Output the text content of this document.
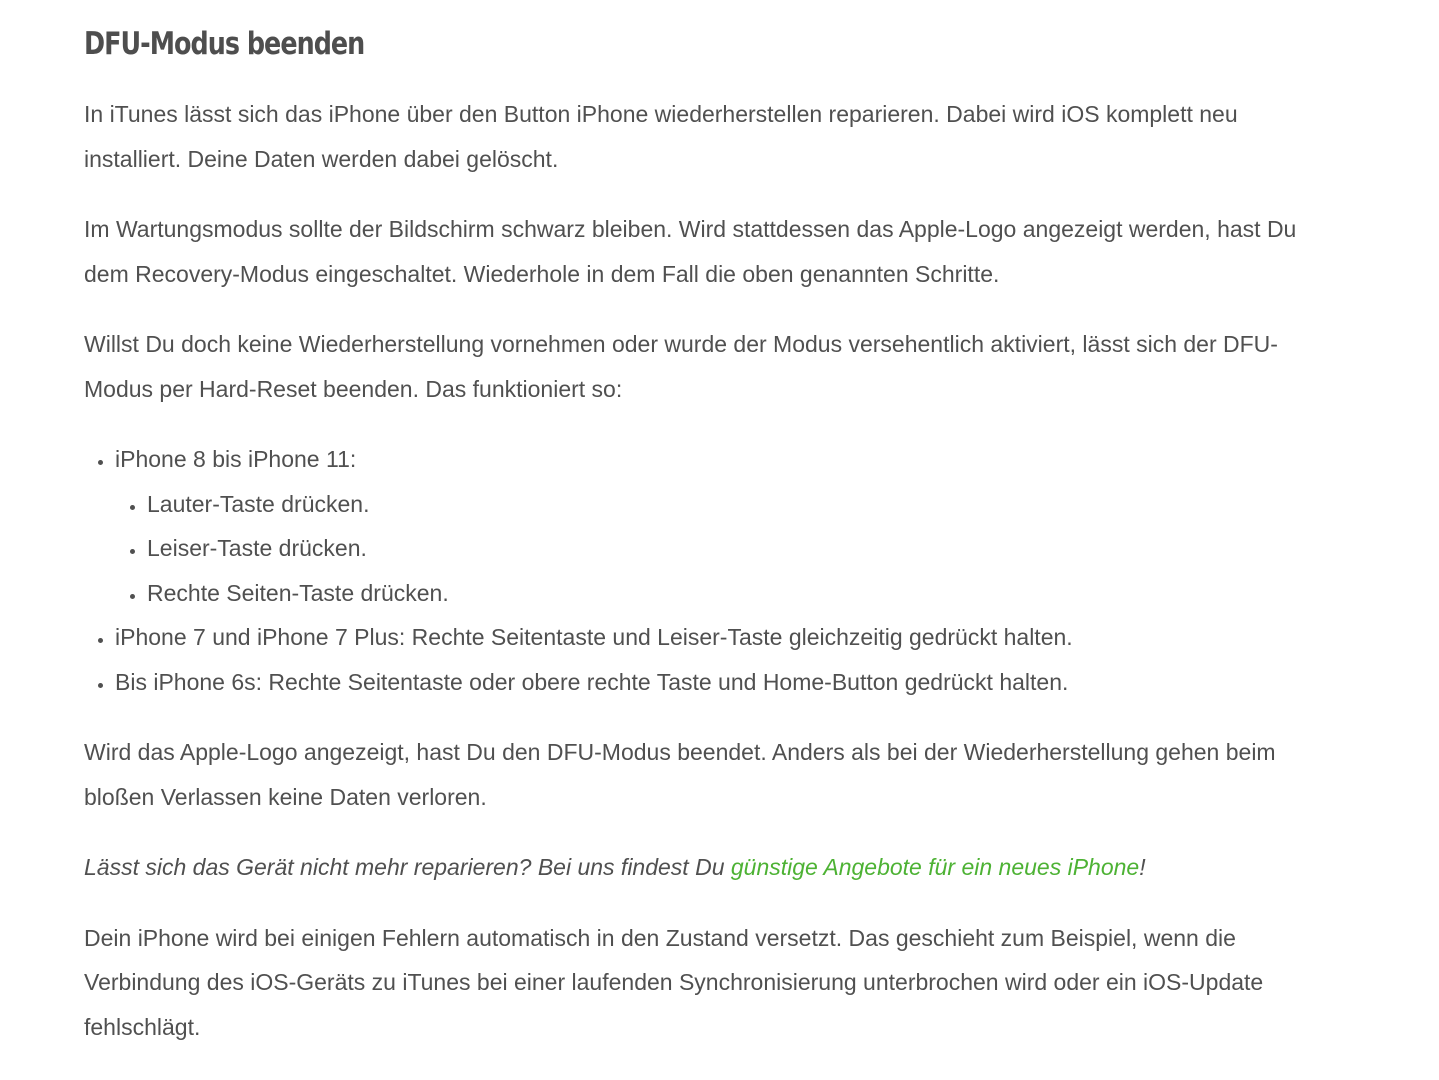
DFU-Modus beenden

In iTunes lässt sich das iPhone über den Button iPhone wiederherstellen reparieren. Dabei wird iOS komplett neu installiert. Deine Daten werden dabei gelöscht.

Im Wartungsmodus sollte der Bildschirm schwarz bleiben. Wird stattdessen das Apple-Logo angezeigt werden, hast Du dem Recovery-Modus eingeschaltet. Wiederhole in dem Fall die oben genannten Schritte.

Willst Du doch keine Wiederherstellung vornehmen oder wurde der Modus versehentlich aktiviert, lässt sich der DFU-Modus per Hard-Reset beenden. Das funktioniert so:

• iPhone 8 bis iPhone 11:
• Lauter-Taste drücken.
• Leiser-Taste drücken.
• Rechte Seiten-Taste drücken.
• iPhone 7 und iPhone 7 Plus: Rechte Seitentaste und Leiser-Taste gleichzeitig gedrückt halten.
• Bis iPhone 6s: Rechte Seitentaste oder obere rechte Taste und Home-Button gedrückt halten.

Wird das Apple-Logo angezeigt, hast Du den DFU-Modus beendet. Anders als bei der Wiederherstellung gehen beim bloßen Verlassen keine Daten verloren.

Lässt sich das Gerät nicht mehr reparieren? Bei uns findest Du günstige Angebote für ein neues iPhone!

Dein iPhone wird bei einigen Fehlern automatisch in den Zustand versetzt. Das geschieht zum Beispiel, wenn die Verbindung des iOS-Geräts zu iTunes bei einer laufenden Synchronisierung unterbrochen wird oder ein iOS-Update fehlschlägt.
